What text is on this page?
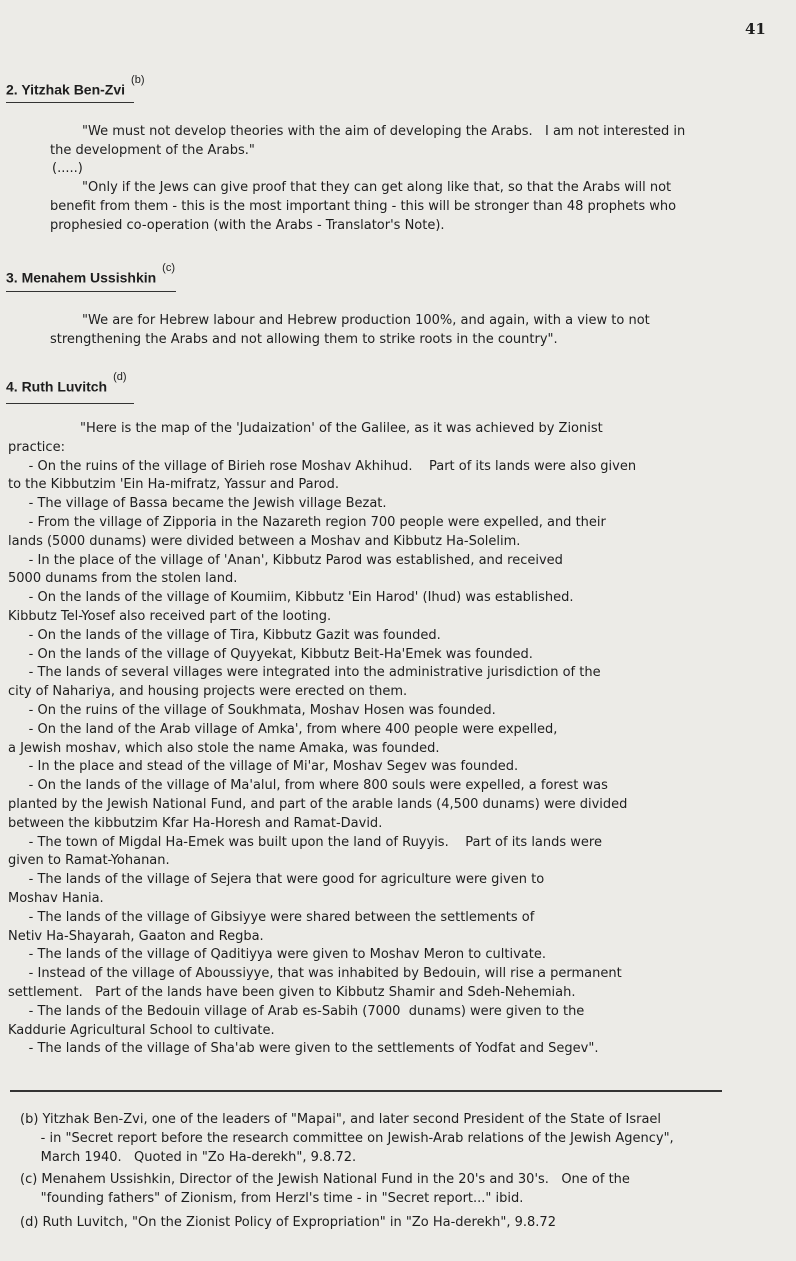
41
2. Yitzhak Ben-Zvi$^{(b)}$
"We must not develop theories with the aim of developing the Arabs.   I am not interested in
the development of the Arabs."
(.....)
"Only if the Jews can give proof that they can get along like that, so that the Arabs will not
benefit from them - this is the most important thing - this will be stronger than 48 prophets who
prophesied co-operation (with the Arabs - Translator's Note).
3. Menahem Ussishkin$^{(c)}$
"We are for Hebrew labour and Hebrew production 100%, and again, with a view to not
strengthening the Arabs and not allowing them to strike roots in the country".
4. Ruth Luvitch$^{(d)}$
"Here is the map of the 'Judaization' of the Galilee, as it was achieved by Zionist
practice:
- On the ruins of the village of Birieh rose Moshav Akhihud.    Part of its lands were also given
to the Kibbutzim 'Ein Ha-mifratz, Yassur and Parod.
- The village of Bassa became the Jewish village Bezat.
- From the village of Zipporia in the Nazareth region 700 people were expelled, and their
lands (5000 dunams) were divided between a Moshav and Kibbutz Ha-Solelim.
- In the place of the village of 'Anan', Kibbutz Parod was established, and received
5000 dunams from the stolen land.
- On the lands of the village of Koumiim, Kibbutz 'Ein Harod' (Ihud) was established.
Kibbutz Tel-Yosef also received part of the looting.
- On the lands of the village of Tira, Kibbutz Gazit was founded.
- On the lands of the village of Quyyekat, Kibbutz Beit-Ha'Emek was founded.
- The lands of several villages were integrated into the administrative jurisdiction of the
city of Nahariya, and housing projects were erected on them.
- On the ruins of the village of Soukhmata, Moshav Hosen was founded.
- On the land of the Arab village of Amka', from where 400 people were expelled,
a Jewish moshav, which also stole the name Amaka, was founded.
- In the place and stead of the village of Mi'ar, Moshav Segev was founded.
- On the lands of the village of Ma'alul, from where 800 souls were expelled, a forest was
planted by the Jewish National Fund, and part of the arable lands (4,500 dunams) were divided
between the kibbutzim Kfar Ha-Horesh and Ramat-David.
- The town of Migdal Ha-Emek was built upon the land of Ruyyis.    Part of its lands were
given to Ramat-Yohanan.
- The lands of the village of Sejera that were good for agriculture were given to
Moshav Hania.
- The lands of the village of Gibsiyye were shared between the settlements of
Netiv Ha-Shayarah, Gaaton and Regba.
- The lands of the village of Qaditiyya were given to Moshav Meron to cultivate.
- Instead of the village of Aboussiyye, that was inhabited by Bedouin, will rise a permanent
settlement.   Part of the lands have been given to Kibbutz Shamir and Sdeh-Nehemiah.
- The lands of the Bedouin village of Arab es-Sabih (7000  dunams) were given to the
Kaddurie Agricultural School to cultivate.
- The lands of the village of Sha'ab were given to the settlements of Yodfat and Segev".
(b) Yitzhak Ben-Zvi, one of the leaders of "Mapai", and later second President of the State of Israel
- in "Secret report before the research committee on Jewish-Arab relations of the Jewish Agency",
March 1940.   Quoted in "Zo Ha-derekh", 9.8.72.
(c) Menahem Ussishkin, Director of the Jewish National Fund in the 20's and 30's.   One of the
"founding fathers" of Zionism, from Herzl's time - in "Secret report..." ibid.
(d) Ruth Luvitch, "On the Zionist Policy of Expropriation" in "Zo Ha-derekh", 9.8.72
